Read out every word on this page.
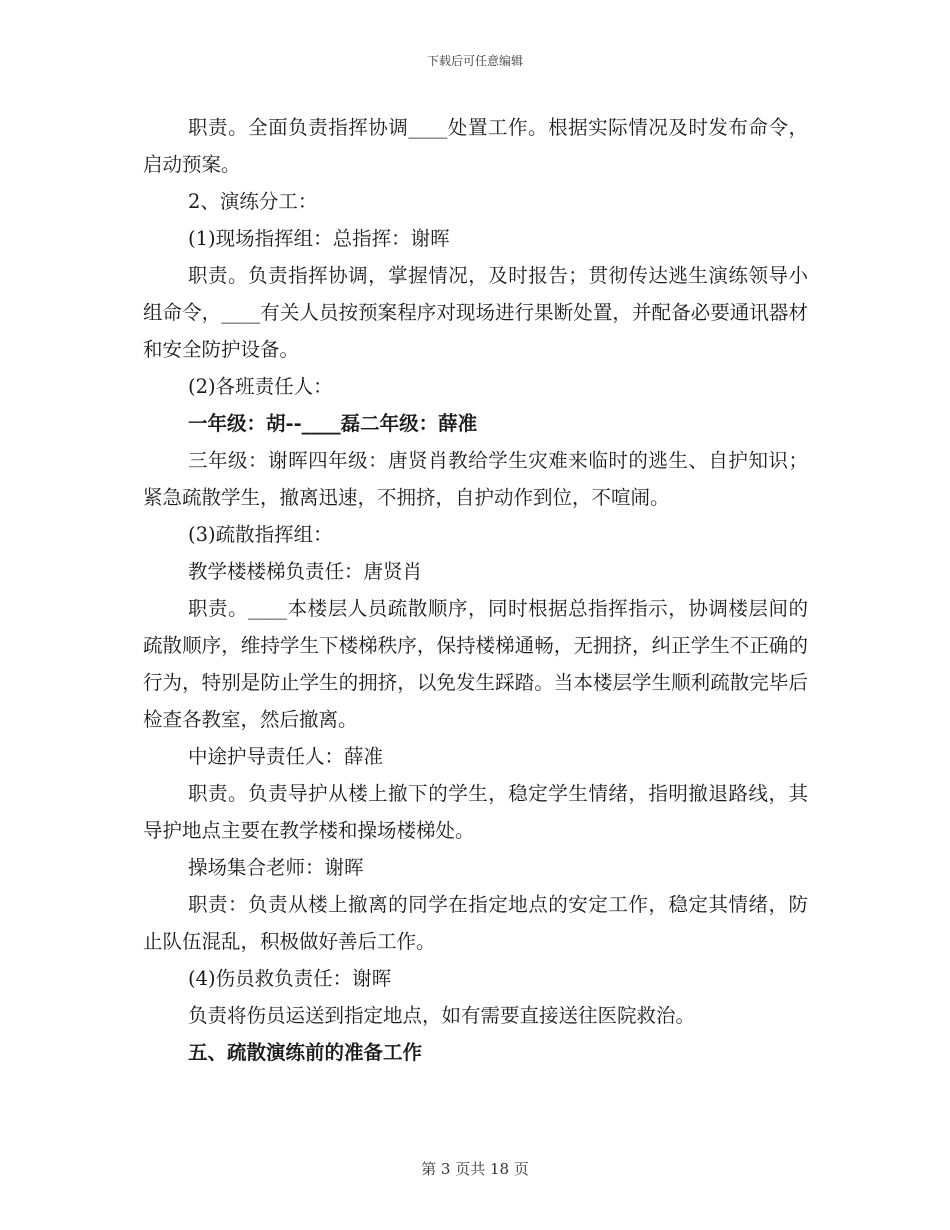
下载后可任意编辑

职责。全面负责指挥协调____处置工作。根据实际情况及时发布命令，启动预案。

2、演练分工：

(1)现场指挥组：总指挥：谢晖

职责。负责指挥协调，掌握情况，及时报告；贯彻传达逃生演练领导小组命令，____有关人员按预案程序对现场进行果断处置，并配备必要通讯器材和安全防护设备。

(2)各班责任人：

一年级：胡--____磊二年级：薛准

三年级：谢晖四年级：唐贤肖教给学生灾难来临时的逃生、自护知识；紧急疏散学生，撤离迅速，不拥挤，自护动作到位，不喧闹。

(3)疏散指挥组：

教学楼楼梯负责任：唐贤肖

职责。____本楼层人员疏散顺序，同时根据总指挥指示，协调楼层间的疏散顺序，维持学生下楼梯秩序，保持楼梯通畅，无拥挤，纠正学生不正确的行为，特别是防止学生的拥挤，以免发生踩踏。当本楼层学生顺利疏散完毕后检查各教室，然后撤离。

中途护导责任人：薛准

职责。负责导护从楼上撤下的学生，稳定学生情绪，指明撤退路线，其导护地点主要在教学楼和操场楼梯处。

操场集合老师：谢晖

职责：负责从楼上撤离的同学在指定地点的安定工作，稳定其情绪，防止队伍混乱，积极做好善后工作。

(4)伤员救负责任：谢晖

负责将伤员运送到指定地点，如有需要直接送往医院救治。

五、疏散演练前的准备工作

第 3 页共 18 页
